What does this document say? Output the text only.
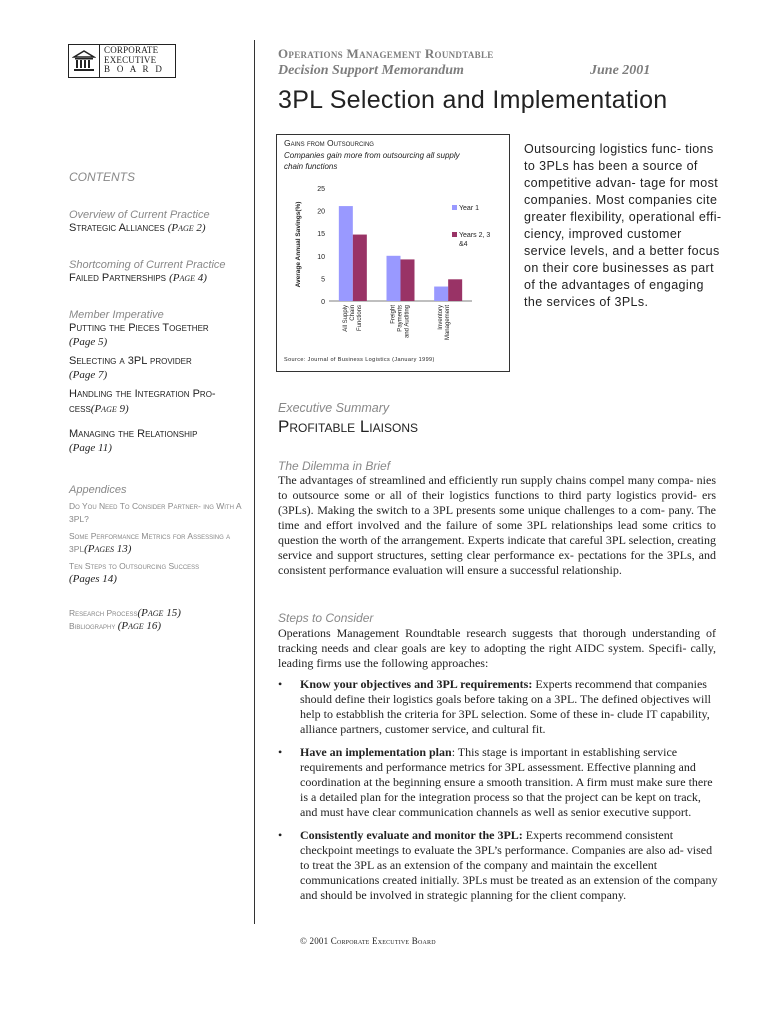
CORPORATE
EXECUTIVE
B O A R D
CONTENTS
Overview of Current Practice
Strategic Alliances (Page 2)
Shortcoming of Current Practice
Failed Partnerships (Page 4)
Member Imperative
Putting the Pieces Together
(Page 5)
Selecting a 3PL provider
(Page 7)
Handling the Integration Pro- cess(Page 9)
Managing the Relationship
(Page 11)
Appendices
Do You Need To Consider Partner- ing With A 3PL?
Some Performance Metrics for Assessing a 3PL(Pages 13)
Ten Steps to Outsourcing Success
(Pages 14)
Research Process(Page 15)
Bibliography (Page 16)
Operations Management Roundtable
Decision Support Memorandum	June 2001
3PL Selection and Implementation
Gains from Outsourcing
Companies gain more from outsourcing all supply
chain functions
0
5
10
15
20
25
Average Annual Savings(%)
All Supply Chain Functions	Freight Payments and Auditing	Inventory Management
Year 1
Years 2, 3
&4
Source: Journal of Business Logistics (January 1999)
Outsourcing logistics func- tions to 3PLs has been a source of competitive advan- tage for most companies. Most companies cite greater flexibility, operational effi- ciency, improved customer service levels, and a better focus on their core businesses as part of the advantages of engaging the services of 3PLs.
Executive Summary
Profitable Liaisons
The Dilemma in Brief
The advantages of streamlined and efficiently run supply chains compel many compa- nies to outsource some or all of their logistics functions to third party logistics provid- ers (3PLs). Making the switch to a 3PL presents some unique challenges to a com- pany. The time and effort involved and the failure of some 3PL relationships lead some critics to question the worth of the arrangement. Experts indicate that careful 3PL selection, creating service and support structures, setting clear performance ex- pectations for the 3PLs, and consistent performance evaluation will ensure a successful relationship.
Steps to Consider
Operations Management Roundtable research suggests that thorough understanding of tracking needs and clear goals are key to adopting the right AIDC system. Specifi- cally, leading firms use the following approaches:
• Know your objectives and 3PL requirements: Experts recommend that companies should define their logistics goals before taking on a 3PL. The defined objectives will help to estabblish the criteria for 3PL selection. Some of these in- clude IT capability, alliance partners, customer service, and cultural fit.
• Have an implementation plan: This stage is important in establishing service requirements and performance metrics for 3PL assessment. Effective planning and coordination at the beginning ensure a smooth transition. A firm must make sure there is a detailed plan for the integration process so that the project can be kept on track, and must have clear communication channels as well as senior executive support.
• Consistently evaluate and monitor the 3PL: Experts recommend consistent checkpoint meetings to evaluate the 3PL’s performance. Companies are also ad- vised to treat the 3PL as an extension of the company and maintain the excellent communications created initially. 3PLs must be treated as an extension of the company and should be involved in strategic planning for the client company.
© 2001 Corporate Executive Board
